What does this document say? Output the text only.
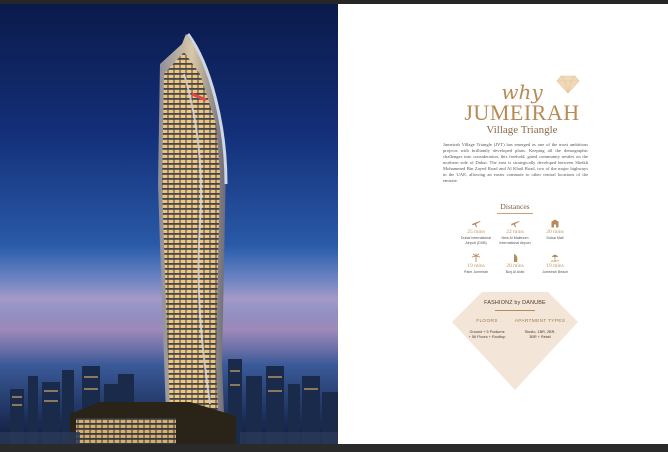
why
JUMEIRAH
Village Triangle
Jumeirah Village Triangle (JVT) has emerged as one of the most ambitious projects with brilliantly developed plans. Keeping all the demographic challenges into consideration, this freehold, gated community nestles on the northern side of Dubai. The area is strategically developed between Sheikh Mohammed Bin Zayed Road and Al Khail Road, two of the major highways in the UAE, allowing an easier commute to other central locations of the emirate.
Distances
25 mins
Dubai International
Airport (DXB)
22 mins
New Al Maktoum
International Airport
20 mins
Dubai Mall
19 mins
Palm Jumeirah
20 mins
Burj Al Arab
19 mins
Jumeirah Beach
FASHIONZ by DANUBE
FLOORS
Ground + 5 Podiums
+ 56 Floors + Rooftop
APARTMENT TYPES
Studio, 1BR, 2BR,
3BR + Retail
